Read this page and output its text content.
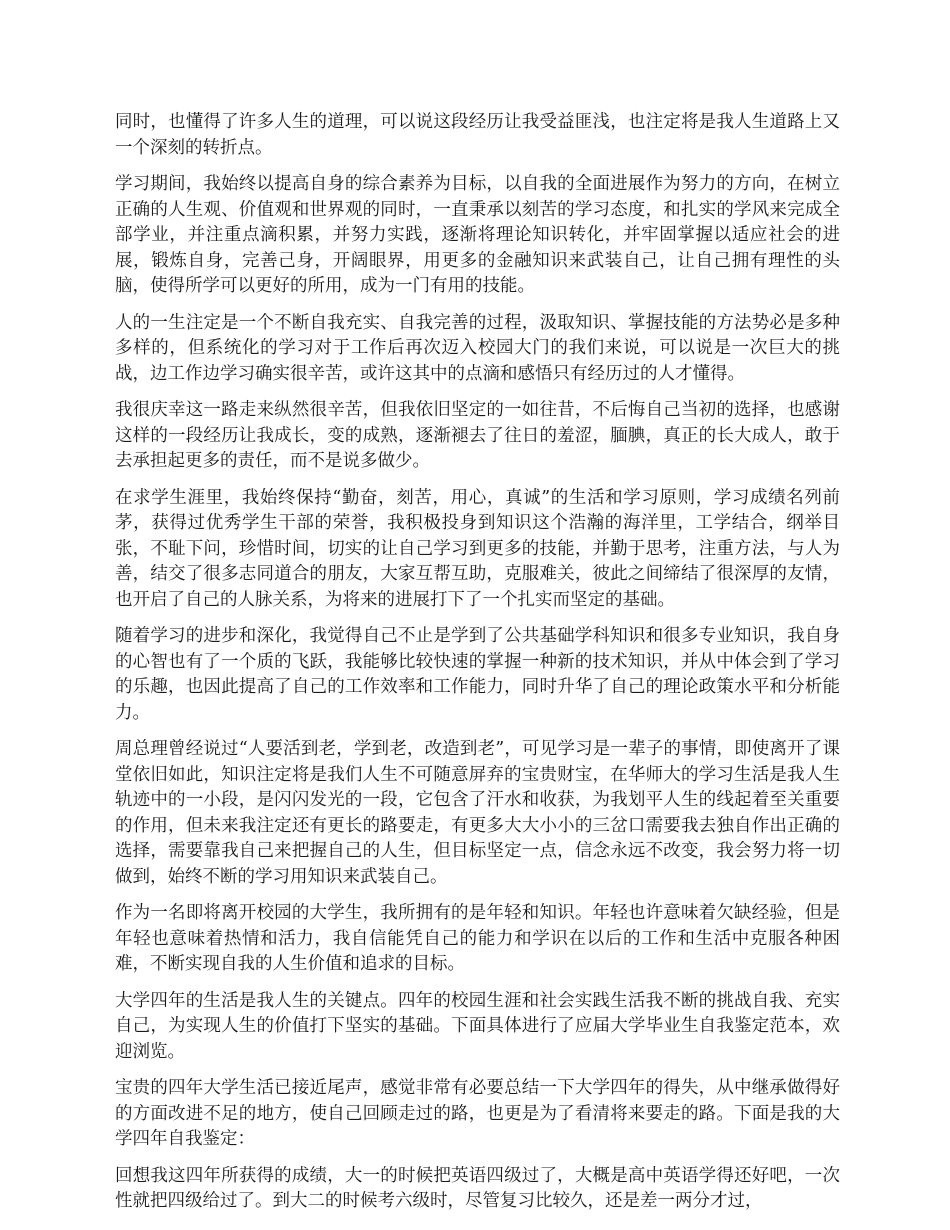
同时，也懂得了许多人生的道理，可以说这段经历让我受益匪浅，也注定将是我人生道路上又一个深刻的转折点。

学习期间，我始终以提高自身的综合素养为目标，以自我的全面进展作为努力的方向，在树立正确的人生观、价值观和世界观的同时，一直秉承以刻苦的学习态度，和扎实的学风来完成全部学业，并注重点滴积累，并努力实践，逐渐将理论知识转化，并牢固掌握以适应社会的进展，锻炼自身，完善己身，开阔眼界，用更多的金融知识来武装自己，让自己拥有理性的头脑，使得所学可以更好的所用，成为一门有用的技能。

人的一生注定是一个不断自我充实、自我完善的过程，汲取知识、掌握技能的方法势必是多种多样的，但系统化的学习对于工作后再次迈入校园大门的我们来说，可以说是一次巨大的挑战，边工作边学习确实很辛苦，或许这其中的点滴和感悟只有经历过的人才懂得。

我很庆幸这一路走来纵然很辛苦，但我依旧坚定的一如往昔，不后悔自己当初的选择，也感谢这样的一段经历让我成长，变的成熟，逐渐褪去了往日的羞涩，腼腆，真正的长大成人，敢于去承担起更多的责任，而不是说多做少。

在求学生涯里，我始终保持“勤奋，刻苦，用心，真诚”的生活和学习原则，学习成绩名列前茅，获得过优秀学生干部的荣誉，我积极投身到知识这个浩瀚的海洋里，工学结合，纲举目张，不耻下问，珍惜时间，切实的让自己学习到更多的技能，并勤于思考，注重方法，与人为善，结交了很多志同道合的朋友，大家互帮互助，克服难关，彼此之间缔结了很深厚的友情，也开启了自己的人脉关系，为将来的进展打下了一个扎实而坚定的基础。

随着学习的进步和深化，我觉得自己不止是学到了公共基础学科知识和很多专业知识，我自身的心智也有了一个质的飞跃，我能够比较快速的掌握一种新的技术知识，并从中体会到了学习的乐趣，也因此提高了自己的工作效率和工作能力，同时升华了自己的理论政策水平和分析能力。

周总理曾经说过“人要活到老，学到老，改造到老”，可见学习是一辈子的事情，即使离开了课堂依旧如此，知识注定将是我们人生不可随意屏弃的宝贵财宝，在华师大的学习生活是我人生轨迹中的一小段，是闪闪发光的一段，它包含了汗水和收获，为我划平人生的线起着至关重要的作用，但未来我注定还有更长的路要走，有更多大大小小的三岔口需要我去独自作出正确的选择，需要靠我自己来把握自己的人生，但目标坚定一点，信念永远不改变，我会努力将一切做到，始终不断的学习用知识来武装自己。

作为一名即将离开校园的大学生，我所拥有的是年轻和知识。年轻也许意味着欠缺经验，但是年轻也意味着热情和活力，我自信能凭自己的能力和学识在以后的工作和生活中克服各种困难，不断实现自我的人生价值和追求的目标。

大学四年的生活是我人生的关键点。四年的校园生涯和社会实践生活我不断的挑战自我、充实自己，为实现人生的价值打下坚实的基础。下面具体进行了应届大学毕业生自我鉴定范本，欢迎浏览。

宝贵的四年大学生活已接近尾声，感觉非常有必要总结一下大学四年的得失，从中继承做得好的方面改进不足的地方，使自己回顾走过的路，也更是为了看清将来要走的路。下面是我的大学四年自我鉴定：

回想我这四年所获得的成绩，大一的时候把英语四级过了，大概是高中英语学得还好吧，一次性就把四级给过了。到大二的时候考六级时，尽管复习比较久，还是差一两分才过，
